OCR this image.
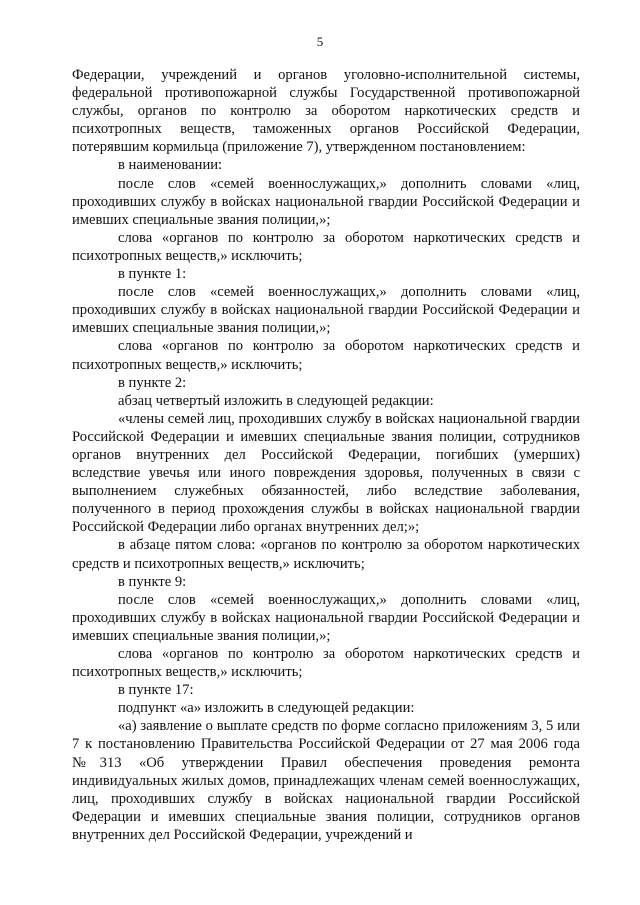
5

Федерации, учреждений и органов уголовно-исполнительной системы, федеральной противопожарной службы Государственной противопожарной службы, органов по контролю за оборотом наркотических средств и психотропных веществ, таможенных органов Российской Федерации, потерявшим кормильца (приложение 7), утвержденном постановлением:

в наименовании:

после слов «семей военнослужащих,» дополнить словами «лиц, проходивших службу в войсках национальной гвардии Российской Федерации и имевших специальные звания полиции,»;

слова «органов по контролю за оборотом наркотических средств и психотропных веществ,» исключить;

в пункте 1:

после слов «семей военнослужащих,» дополнить словами «лиц, проходивших службу в войсках национальной гвардии Российской Федерации и имевших специальные звания полиции,»;

слова «органов по контролю за оборотом наркотических средств и психотропных веществ,» исключить;

в пункте 2:

абзац четвертый изложить в следующей редакции:

«члены семей лиц, проходивших службу в войсках национальной гвардии Российской Федерации и имевших специальные звания полиции, сотрудников органов внутренних дел Российской Федерации, погибших (умерших) вследствие увечья или иного повреждения здоровья, полученных в связи с выполнением служебных обязанностей, либо вследствие заболевания, полученного в период прохождения службы в войсках национальной гвардии Российской Федерации либо органах внутренних дел;»;

в абзаце пятом слова: «органов по контролю за оборотом наркотических средств и психотропных веществ,» исключить;

в пункте 9:

после слов «семей военнослужащих,» дополнить словами «лиц, проходивших службу в войсках национальной гвардии Российской Федерации и имевших специальные звания полиции,»;

слова «органов по контролю за оборотом наркотических средств и психотропных веществ,» исключить;

в пункте 17:

подпункт «а» изложить в следующей редакции:

«а) заявление о выплате средств по форме согласно приложениям 3, 5 или 7 к постановлению Правительства Российской Федерации от 27 мая 2006 года №313 «Об утверждении Правил обеспечения проведения ремонта индивидуальных жилых домов, принадлежащих членам семей военнослужащих, лиц, проходивших службу в войсках национальной гвардии Российской Федерации и имевших специальные звания полиции, сотрудников органов внутренних дел Российской Федерации, учреждений и
